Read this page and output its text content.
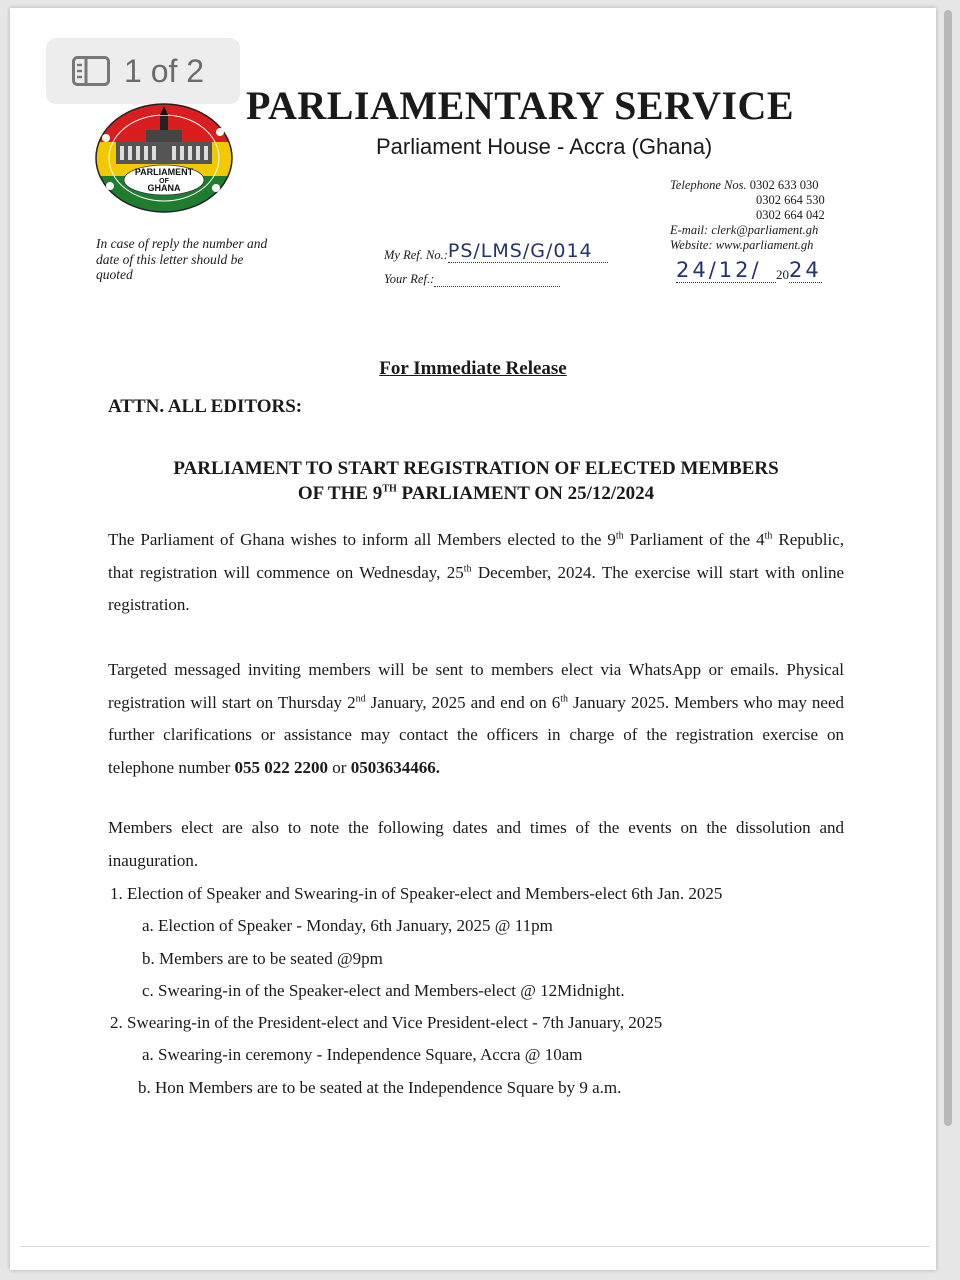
1 of 2
PARLIAMENT
OF
GHANA
PARLIAMENTARY SERVICE
Parliament House - Accra (Ghana)
In case of reply the number and date of this letter should be quoted
My Ref. No.:PS/LMS/G/014
Your Ref.:
Telephone Nos. 0302 633 030
0302 664 530
0302 664 042
E-mail: clerk@parliament.gh
Website: www.parliament.gh
24/12/ 2024
For Immediate Release
ATTN. ALL EDITORS:
PARLIAMENT TO START REGISTRATION OF ELECTED MEMBERS
OF THE 9TH PARLIAMENT ON 25/12/2024
The Parliament of Ghana wishes to inform all Members elected to the 9th Parliament of the 4th Republic, that registration will commence on Wednesday, 25th December, 2024. The exercise will start with online registration.
Targeted messaged inviting members will be sent to members elect via WhatsApp or emails. Physical registration will start on Thursday 2nd January, 2025 and end on 6th January 2025. Members who may need further clarifications or assistance may contact the officers in charge of the registration exercise on telephone number 055 022 2200 or 0503634466.
Members elect are also to note the following dates and times of the events on the dissolution and inauguration.
1. Election of Speaker and Swearing-in of Speaker-elect and Members-elect 6th Jan. 2025
a. Election of Speaker - Monday, 6th January, 2025 @ 11pm
b. Members are to be seated @9pm
c. Swearing-in of the Speaker-elect and Members-elect @ 12Midnight.
2. Swearing-in of the President-elect and Vice President-elect - 7th January, 2025
a. Swearing-in ceremony - Independence Square, Accra @ 10am
b. Hon Members are to be seated at the Independence Square by 9 a.m.
